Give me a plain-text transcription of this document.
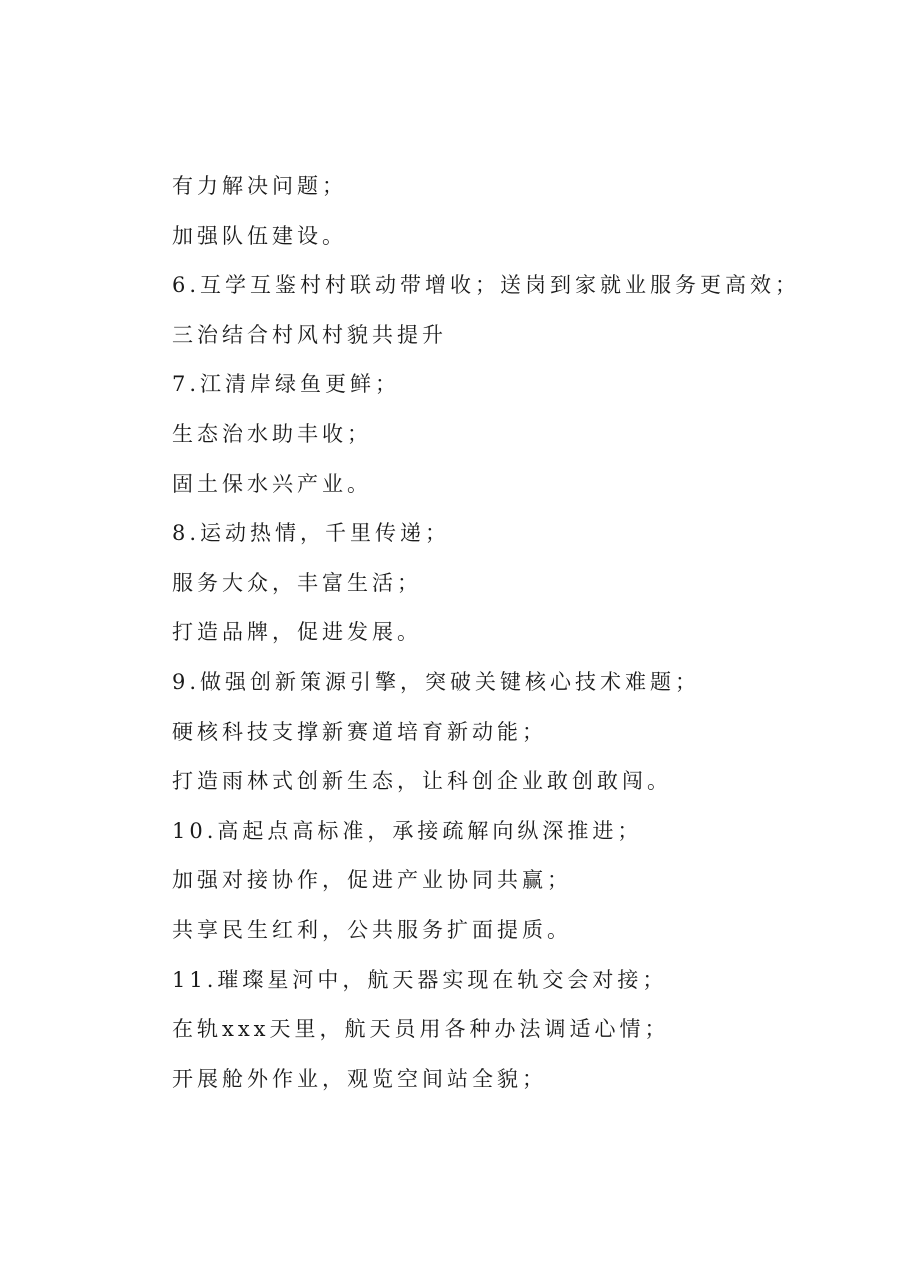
有力解决问题；
加强队伍建设。
6.互学互鉴村村联动带增收；送岗到家就业服务更高效；
三治结合村风村貌共提升
7.江清岸绿鱼更鲜；
生态治水助丰收；
固土保水兴产业。
8.运动热情，千里传递；
服务大众，丰富生活；
打造品牌，促进发展。
9.做强创新策源引擎，突破关键核心技术难题；
硬核科技支撑新赛道培育新动能；
打造雨林式创新生态，让科创企业敢创敢闯。
10.高起点高标准，承接疏解向纵深推进；
加强对接协作，促进产业协同共赢；
共享民生红利，公共服务扩面提质。
11.璀璨星河中，航天器实现在轨交会对接；
在轨xxx天里，航天员用各种办法调适心情；
开展舱外作业，观览空间站全貌；
